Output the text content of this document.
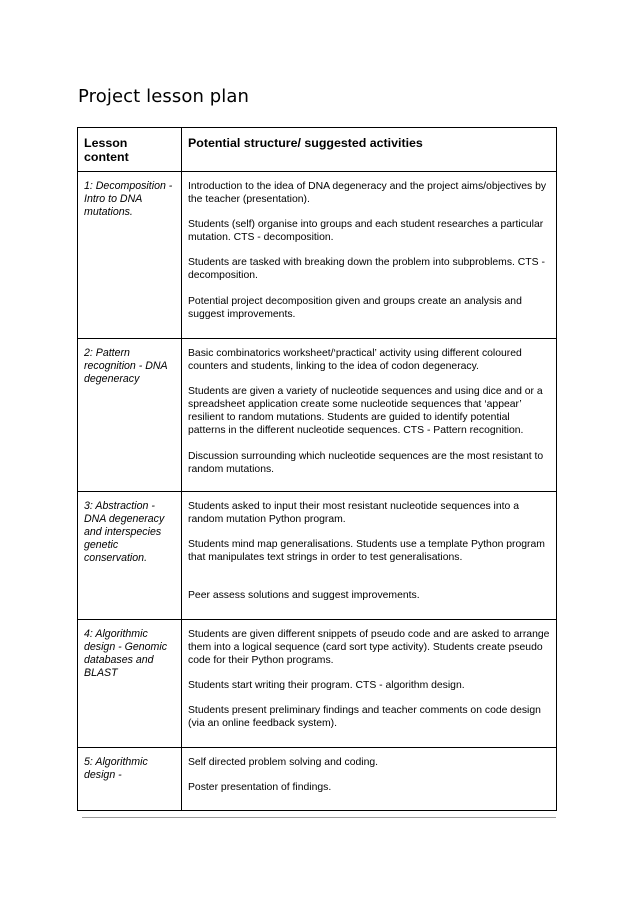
Project lesson plan
Lesson content	Potential structure/ suggested activities
1: Decomposition - Intro to DNA mutations.	Introduction to the idea of DNA degeneracy and the project aims/objectives by the teacher (presentation).

Students (self) organise into groups and each student researches a particular mutation. CTS - decomposition.

Students are tasked with breaking down the problem into subproblems. CTS - decomposition.

Potential project decomposition given and groups create an analysis and suggest improvements.

2: Pattern recognition - DNA degeneracy	Basic combinatorics worksheet/‘practical’ activity using different coloured counters and students, linking to the idea of codon degeneracy.

Students are given a variety of nucleotide sequences and using dice and or a spreadsheet application create some nucleotide sequences that ‘appear’ resilient to random mutations. Students are guided to identify potential patterns in the different nucleotide sequences. CTS - Pattern recognition.

Discussion surrounding which nucleotide sequences are the most resistant to random mutations.

3: Abstraction - DNA degeneracy and interspecies genetic conservation.	Students asked to input their most resistant nucleotide sequences into a random mutation Python program.

Students mind map generalisations. Students use a template Python program that manipulates text strings in order to test generalisations.

Peer assess solutions and suggest improvements.

4: Algorithmic design - Genomic databases and BLAST	Students are given different snippets of pseudo code and are asked to arrange them into a logical sequence (card sort type activity). Students create pseudo code for their Python programs.

Students start writing their program. CTS - algorithm design.

Students present preliminary findings and teacher comments on code design (via an online feedback system).

5: Algorithmic design -	Self directed problem solving and coding.

Poster presentation of findings.
